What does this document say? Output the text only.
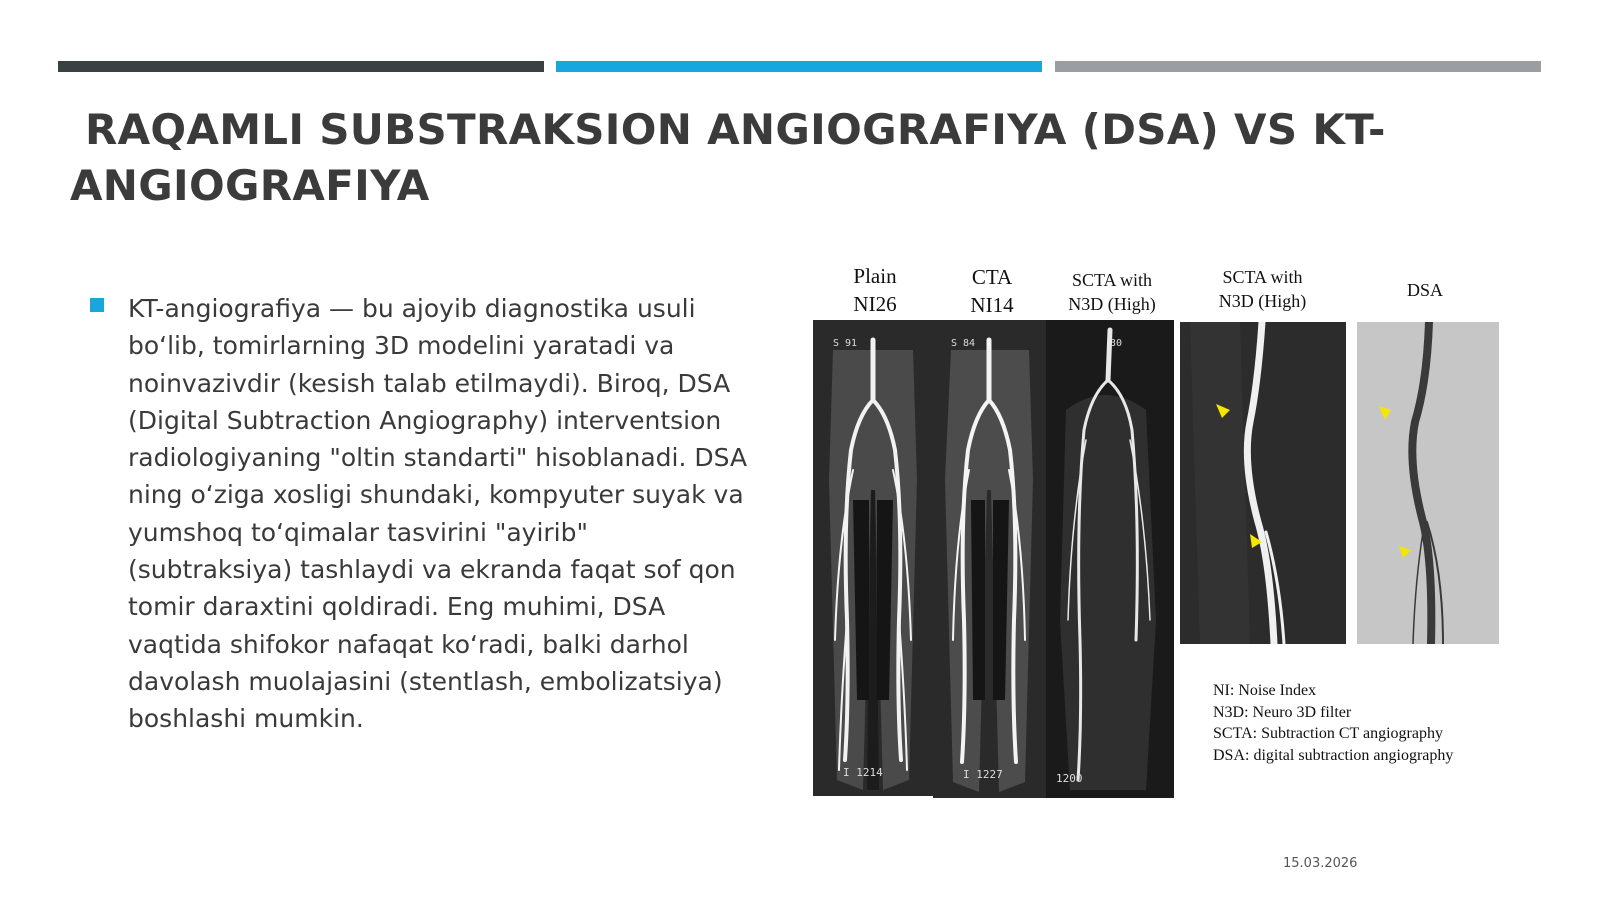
RAQAMLI SUBSTRAKSION ANGIOGRAFIYA (DSA) VS KT-ANGIOGRAFIYA
KT-angiografiya — bu ajoyib diagnostika usuli bo‘lib, tomirlarning 3D modelini yaratadi va noinvazivdir (kesish talab etilmaydi). Biroq, DSA (Digital Subtraction Angiography) interventsion radiologiyaning "oltin standarti" hisoblanadi. DSA ning o‘ziga xosligi shundaki, kompyuter suyak va yumshoq to‘qimalar tasvirini "ayirib" (subtraksiya) tashlaydi va ekranda faqat sof qon tomir daraxtini qoldiradi. Eng muhimi, DSA vaqtida shifokor nafaqat ko‘radi, balki darhol davolash muolajasini (stentlash, embolizatsiya) boshlashi mumkin.
Plain
NI26
CTA
NI14
SCTA with
N3D (High)
SCTA with
N3D (High)
DSA
S 91
I 1214
S 84
I 1227
30
1200
NI: Noise Index
N3D: Neuro 3D filter
SCTA: Subtraction CT angiography
DSA: digital subtraction angiography
15.03.2026
